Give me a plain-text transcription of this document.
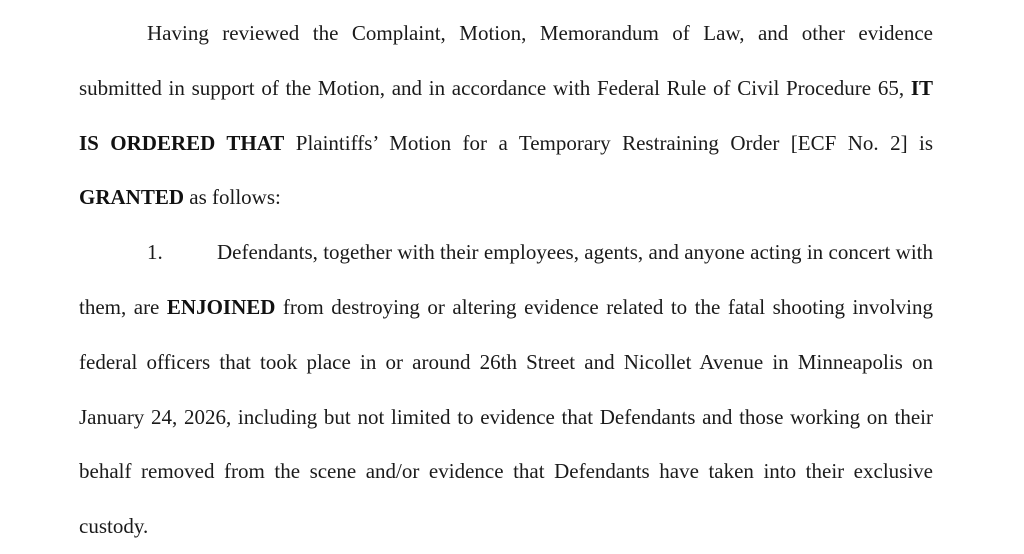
Having reviewed the Complaint, Motion, Memorandum of Law, and other evidence submitted in support of the Motion, and in accordance with Federal Rule of Civil Procedure 65, IT IS ORDERED THAT Plaintiffs’ Motion for a Temporary Restraining Order [ECF No. 2] is GRANTED as follows:

1.	Defendants, together with their employees, agents, and anyone acting in concert with them, are ENJOINED from destroying or altering evidence related to the fatal shooting involving federal officers that took place in or around 26th Street and Nicollet Avenue in Minneapolis on January 24, 2026, including but not limited to evidence that Defendants and those working on their behalf removed from the scene and/or evidence that Defendants have taken into their exclusive custody.
